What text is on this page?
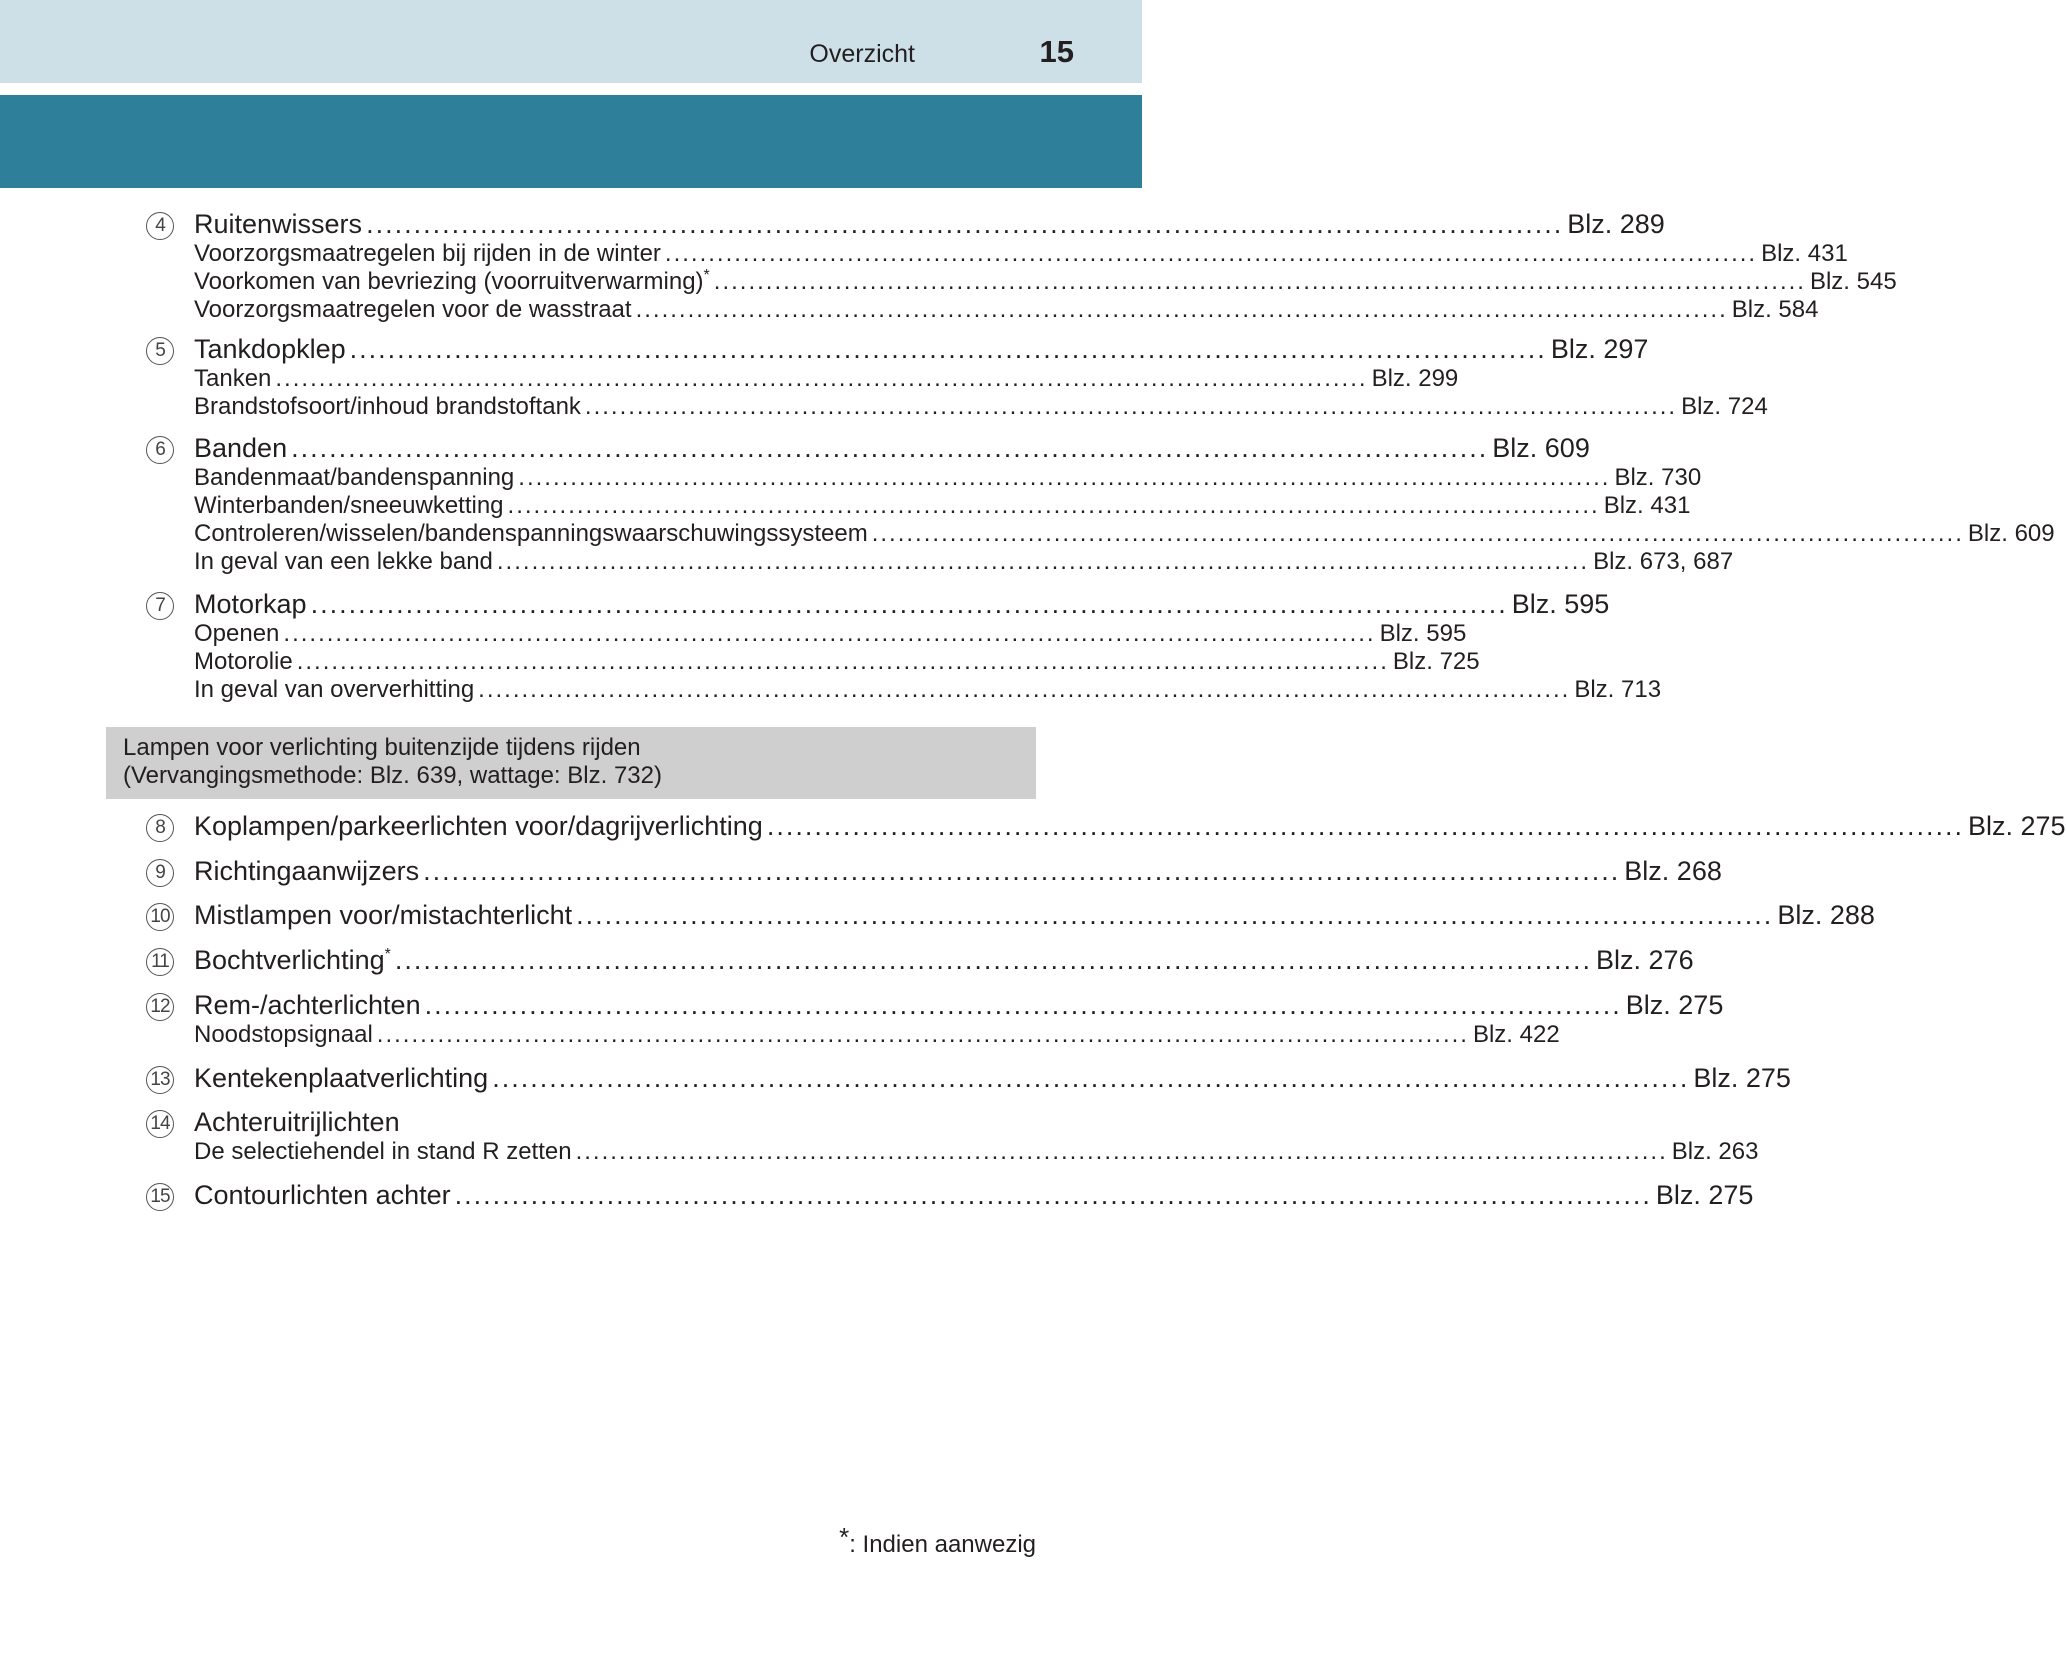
Overzicht	15
4	Ruitenwissers .............................................................................................................................. Blz. 289
Voorzorgsmaatregelen bij rijden in de winter .............................................................................................................................. Blz. 431
Voorkomen van bevriezing (voorruitverwarming)* .............................................................................................................................. Blz. 545
Voorzorgsmaatregelen voor de wasstraat .............................................................................................................................. Blz. 584
5	Tankdopklep .............................................................................................................................. Blz. 297
Tanken .............................................................................................................................. Blz. 299
Brandstofsoort/inhoud brandstoftank .............................................................................................................................. Blz. 724
6	Banden .............................................................................................................................. Blz. 609
Bandenmaat/bandenspanning .............................................................................................................................. Blz. 730
Winterbanden/sneeuwketting .............................................................................................................................. Blz. 431
Controleren/wisselen/bandenspanningswaarschuwingssysteem .............................................................................................................................. Blz. 609
In geval van een lekke band .............................................................................................................................. Blz. 673, 687
7	Motorkap .............................................................................................................................. Blz. 595
Openen .............................................................................................................................. Blz. 595
Motorolie .............................................................................................................................. Blz. 725
In geval van oververhitting .............................................................................................................................. Blz. 713
Lampen voor verlichting buitenzijde tijdens rijden
(Vervangingsmethode: Blz. 639, wattage: Blz. 732)
8	Koplampen/parkeerlichten voor/dagrijverlichting .............................................................................................................................. Blz. 275
9	Richtingaanwijzers .............................................................................................................................. Blz. 268
10 Mistlampen voor/mistachterlicht .............................................................................................................................. Blz. 288
11 Bochtverlichting* .............................................................................................................................. Blz. 276
12 Rem-/achterlichten .............................................................................................................................. Blz. 275
Noodstopsignaal .............................................................................................................................. Blz. 422
13 Kentekenplaatverlichting .............................................................................................................................. Blz. 275
14 Achteruitrijlichten
De selectiehendel in stand R zetten .............................................................................................................................. Blz. 263
15 Contourlichten achter .............................................................................................................................. Blz. 275
*: Indien aanwezig
